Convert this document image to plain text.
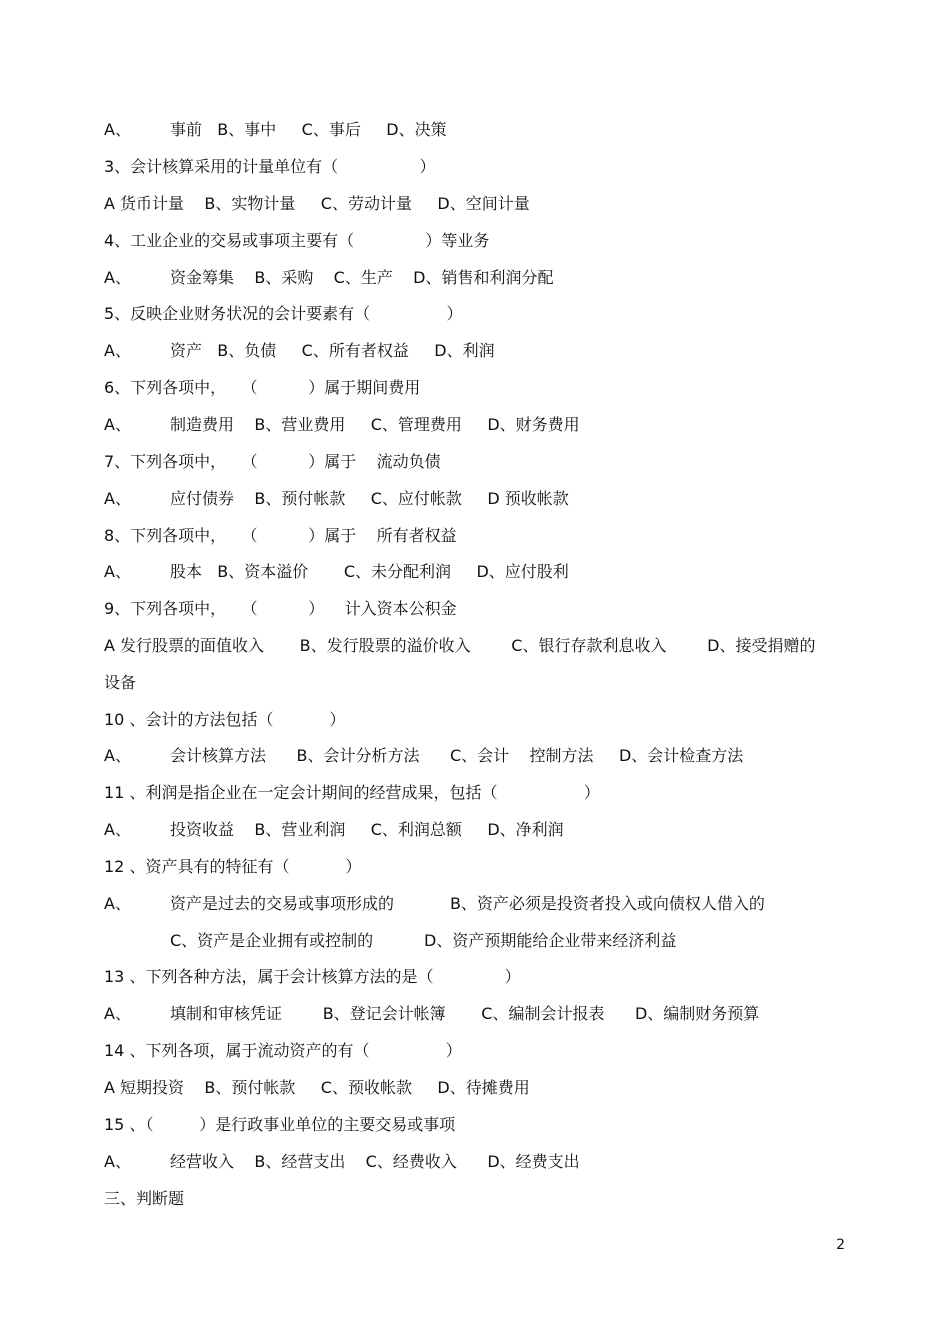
A、 事前   B、事中     C、事后     D、决策

3、会计核算采用的计量单位有（                ）

A 货币计量    B、实物计量     C、劳动计量     D、空间计量

4、工业企业的交易或事项主要有（              ）等业务

A、 资金筹集    B、采购    C、生产    D、销售和利润分配

5、反映企业财务状况的会计要素有（               ）

A、 资产   B、负债     C、所有者权益     D、利润

6、下列各项中，   （          ）属于期间费用

A、 制造费用    B、营业费用     C、管理费用     D、财务费用

7、下列各项中，   （          ）属于    流动负债

A、 应付债券    B、预付帐款     C、应付帐款     D 预收帐款

8、下列各项中，   （          ）属于    所有者权益

A、 股本   B、资本溢价       C、未分配利润     D、应付股利

9、下列各项中，   （          ）    计入资本公积金

A 发行股票的面值收入       B、发行股票的溢价收入        C、银行存款利息收入        D、接受捐赠的

设备

10 、会计的方法包括（           ）

A、 会计核算方法      B、会计分析方法      C、会计    控制方法     D、会计检查方法

11 、利润是指企业在一定会计期间的经营成果，包括（                 ）

A、 投资收益    B、营业利润     C、利润总额     D、净利润

12 、资产具有的特征有（           ）

A、 资产是过去的交易或事项形成的           B、资产必须是投资者投入或向债权人借入的

C、资产是企业拥有或控制的          D、资产预期能给企业带来经济利益

13 、下列各种方法，属于会计核算方法的是（              ）

A、 填制和审核凭证        B、登记会计帐簿       C、编制会计报表      D、编制财务预算

14 、下列各项，属于流动资产的有（               ）

A 短期投资    B、预付帐款     C、预收帐款     D、待摊费用

15 、（         ）是行政事业单位的主要交易或事项

A、 经营收入    B、经营支出    C、经费收入      D、经费支出

三、判断题

2
